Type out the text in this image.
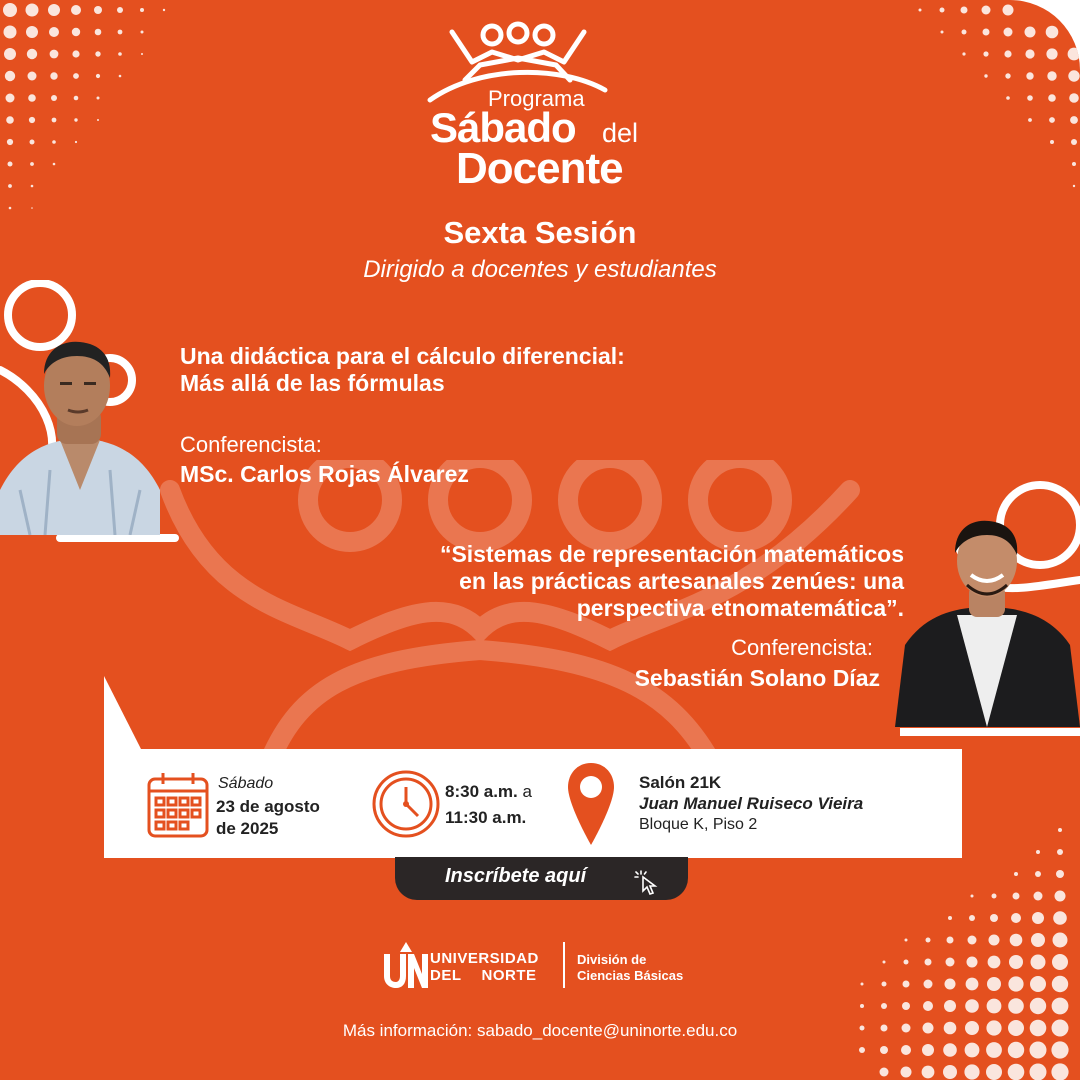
Programa
Sábado del
Docente
Sexta Sesión
Dirigido a docentes y estudiantes
Una didáctica para el cálculo diferencial:
Más allá de las fórmulas
Conferencista:
MSc. Carlos Rojas Álvarez
“Sistemas de representación matemáticos
en las prácticas artesanales zenúes: una
perspectiva etnomatemática”.
Conferencista:
Sebastián Solano Díaz
Sábado
23 de agosto
de 2025
8:30 a.m. a
11:30 a.m.
Salón 21K
Juan Manuel Ruiseco Vieira
Bloque K, Piso 2
Inscríbete aquí
UNIVERSIDAD
DEL NORTE
División de
Ciencias Básicas
Más información: sabado_docente@uninorte.edu.co
